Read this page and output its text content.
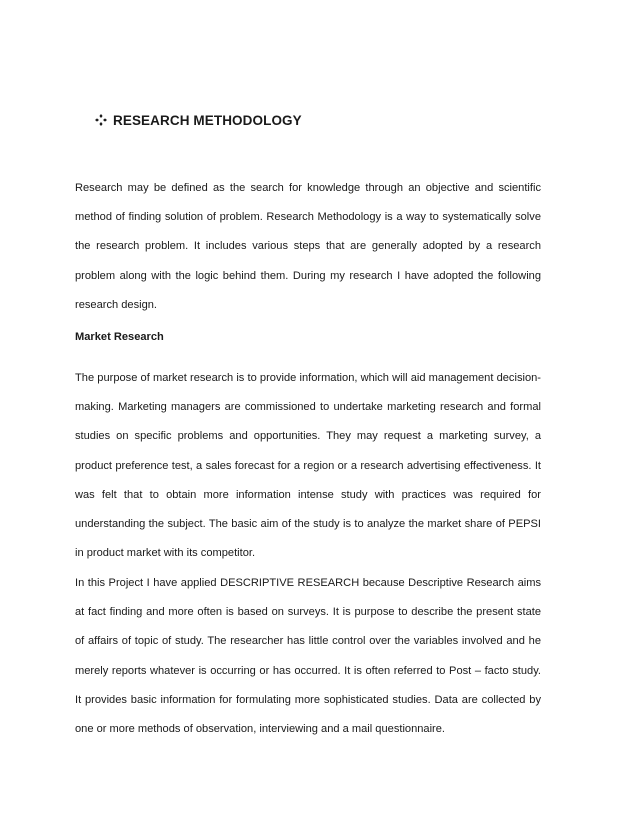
RESEARCH METHODOLOGY

Research may be defined as the search for knowledge through an objective and scientific method of finding solution of problem. Research Methodology is a way to systematically solve the research problem. It includes various steps that are generally adopted by a research problem along with the logic behind them. During my research I have adopted the following research design.

Market Research

The purpose of market research is to provide information, which will aid management decision-making. Marketing managers are commissioned to undertake marketing research and formal studies on specific problems and opportunities. They may request a marketing survey, a product preference test, a sales forecast for a region or a research advertising effectiveness. It was felt that to obtain more information intense study with practices was required for understanding the subject. The basic aim of the study is to analyze the market share of PEPSI in product market with its competitor.

In this Project I have applied DESCRIPTIVE RESEARCH because Descriptive Research aims at fact finding and more often is based on surveys. It is purpose to describe the present state of affairs of topic of study. The researcher has little control over the variables involved and he merely reports whatever is occurring or has occurred. It is often referred to Post – facto study. It provides basic information for formulating more sophisticated studies. Data are collected by one or more methods of observation, interviewing and a mail questionnaire.
